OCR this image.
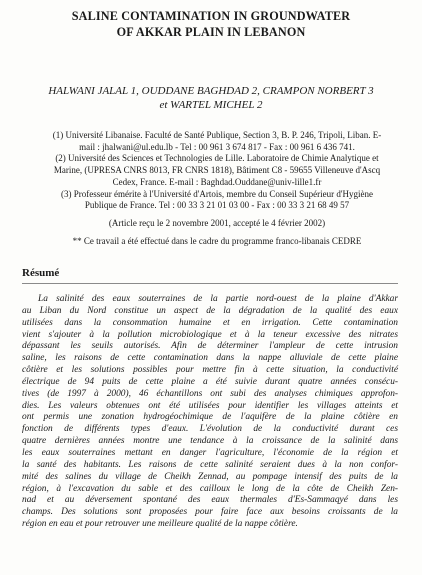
SALINE CONTAMINATION IN GROUNDWATER
OF AKKAR PLAIN IN LEBANON
HALWANI JALAL 1, OUDDANE BAGHDAD 2, CRAMPON NORBERT 3
et WARTEL MICHEL 2

(1) Université Libanaise. Faculté de Santé Publique, Section 3, B. P. 246, Tripoli, Liban. E-
mail : jhalwani@ul.edu.lb - Tel : 00 961 3 674 817 - Fax : 00 961 6 436 741.

(2) Université des Sciences et Technologies de Lille. Laboratoire de Chimie Analytique et
Marine, (UPRESA CNRS 8013, FR CNRS 1818), Bâtiment C8 - 59655 Villeneuve d'Ascq
Cedex, France. E-mail : Baghdad.Ouddane@univ-lille1.fr

(3) Professeur émérite à l'Université d'Artois, membre du Conseil Supérieur d'Hygiène
Publique de France. Tel : 00 33 3 21 01 03 00 - Fax : 00 33 3 21 68 49 57

(Article reçu le 2 novembre 2001, accepté le 4 février 2002)

** Ce travail a été effectué dans le cadre du programme franco-libanais CEDRE

Résumé
La salinité des eaux souterraines de la partie nord-ouest de la plaine d'Akkar
au Liban du Nord constitue un aspect de la dégradation de la qualité des eaux
utilisées dans la consommation humaine et en irrigation. Cette contamination
vient s'ajouter à la pollution microbiologique et à la teneur excessive des nitrates
dépassant les seuils autorisés. Afin de déterminer l'ampleur de cette intrusion
saline, les raisons de cette contamination dans la nappe alluviale de cette plaine
côtière et les solutions possibles pour mettre fin à cette situation, la conductivité
électrique de 94 puits de cette plaine a été suivie durant quatre années consécu-
tives (de 1997 à 2000), 46 échantillons ont subi des analyses chimiques approfon-
dies. Les valeurs obtenues ont été utilisées pour identifier les villages atteints et
ont permis une zonation hydrogéochimique de l'aquifère de la plaine côtière en
fonction de différents types d'eaux. L'évolution de la conductivité durant ces
quatre dernières années montre une tendance à la croissance de la salinité dans
les eaux souterraines mettant en danger l'agriculture, l'économie de la région et
la santé des habitants. Les raisons de cette salinité seraient dues à la non confor-
mité des salines du village de Cheikh Zennad, au pompage intensif des puits de la
région, à l'excavation du sable et des cailloux le long de la côte de Cheikh Zen-
nad et au déversement spontané des eaux thermales d'Es-Sammaqyé dans les
champs. Des solutions sont proposées pour faire face aux besoins croissants de la
région en eau et pour retrouver une meilleure qualité de la nappe côtière.
